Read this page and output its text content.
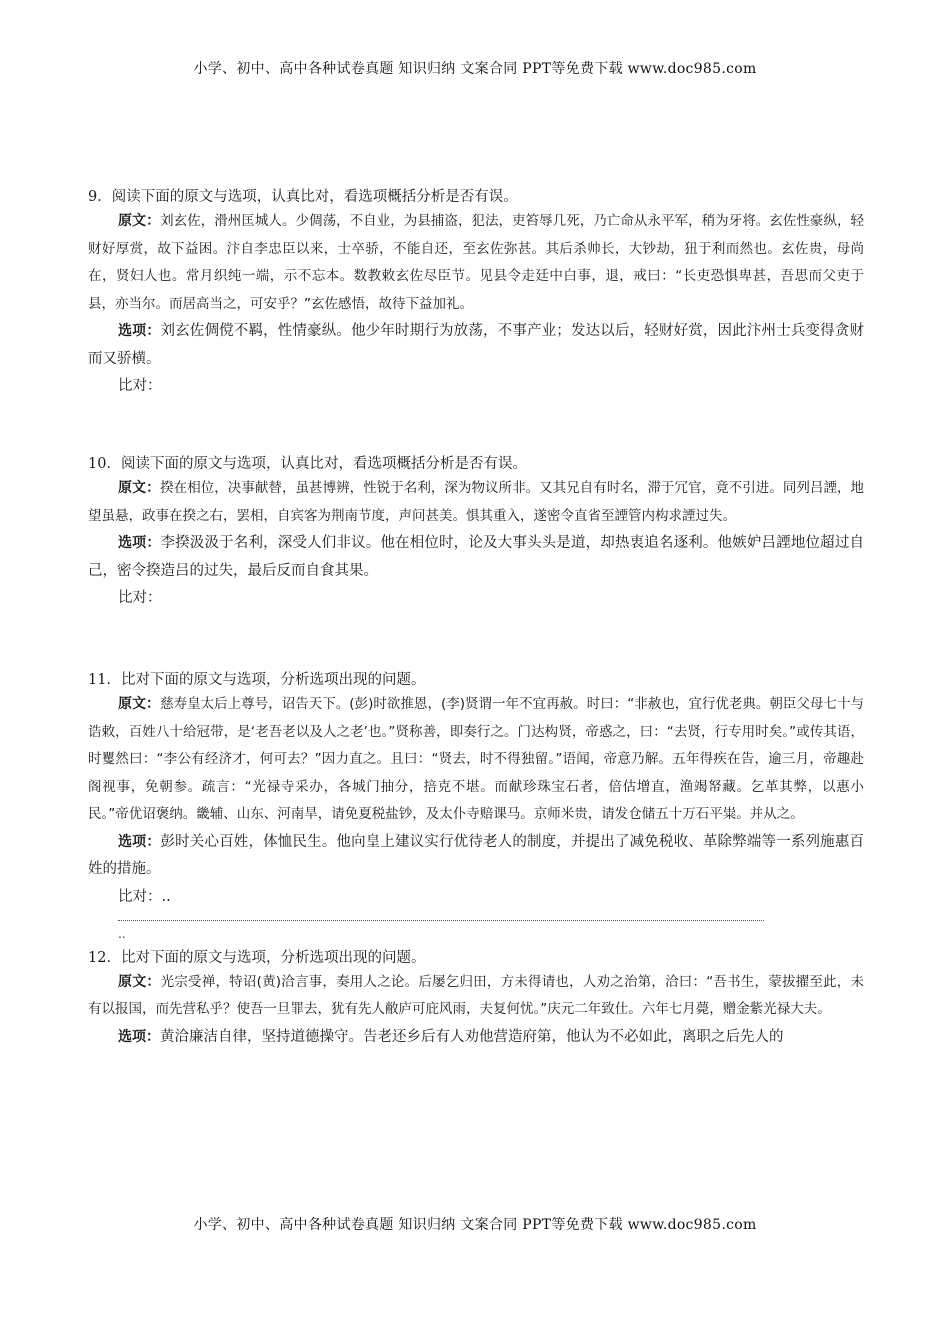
小学、初中、高中各种试卷真题 知识归纳 文案合同 PPT等免费下载 www.doc985.com

9．阅读下面的原文与选项，认真比对，看选项概括分析是否有误。

原文：刘玄佐，滑州匡城人。少倜荡，不自业，为县捕盗，犯法，吏笞辱几死，乃亡命从永平军，稍为牙将。玄佐性豪纵，轻财好厚赏，故下益困。汴自李忠臣以来，士卒骄，不能自还，至玄佐弥甚。其后杀帅长，大钞劫，狃于利而然也。玄佐贵，母尚在，贤妇人也。常月织纯一端，示不忘本。数教敕玄佐尽臣节。见县令走廷中白事，退，戒曰：“长吏恐惧卑甚，吾思而父吏于县，亦当尔。而居高当之，可安乎？”玄佐感悟，故待下益加礼。

选项：刘玄佐倜傥不羁，性情豪纵。他少年时期行为放荡，不事产业；发达以后，轻财好赏，因此汴州士兵变得贪财而又骄横。

比对：

10．阅读下面的原文与选项，认真比对，看选项概括分析是否有误。

原文：揆在相位，决事献替，虽甚博辨，性锐于名利，深为物议所非。又其兄自有时名，滞于冗官，竟不引进。同列吕諲，地望虽悬，政事在揆之右，罢相，自宾客为荆南节度，声问甚美。惧其重入，遂密令直省至諲管内构求諲过失。

选项：李揆汲汲于名利，深受人们非议。他在相位时，论及大事头头是道，却热衷追名逐利。他嫉妒吕諲地位超过自己，密令揆造吕的过失，最后反而自食其果。

比对：

11．比对下面的原文与选项，分析选项出现的问题。

原文：慈寿皇太后上尊号，诏告天下。(彭)时欲推恩，(李)贤谓一年不宜再赦。时曰：“非赦也，宜行优老典。朝臣父母七十与诰敕，百姓八十给冠带，是‘老吾老以及人之老’也。”贤称善，即奏行之。门达构贤，帝惑之，曰：“去贤，行专用时矣。”或传其语，时矍然曰：“李公有经济才，何可去？”因力直之。且曰：“贤去，时不得独留。”语闻，帝意乃解。五年得疾在告，逾三月，帝趣赴阁视事，免朝参。疏言：“光禄寺采办，各城门抽分，掊克不堪。而献珍珠宝石者，倍估增直，渔竭帑藏。乞革其弊，以惠小民。”帝优诏褒纳。畿辅、山东、河南旱，请免夏税盐钞，及太仆寺赔课马。京师米贵，请发仓储五十万石平粜。并从之。

选项：彭时关心百姓，体恤民生。他向皇上建议实行优待老人的制度，并提出了减免税收、革除弊端等一系列施惠百姓的措施。

比对：..

..

12．比对下面的原文与选项，分析选项出现的问题。

原文：光宗受禅，特诏(黄)洽言事，奏用人之论。后屡乞归田，方未得请也，人劝之治第，洽曰：“吾书生，蒙拔擢至此，未有以报国，而先营私乎？使吾一旦罪去，犹有先人敝庐可庇风雨，夫复何忧。”庆元二年致仕。六年七月薨，赠金紫光禄大夫。

选项：黄洽廉洁自律，坚持道德操守。告老还乡后有人劝他营造府第，他认为不必如此，离职之后先人的

小学、初中、高中各种试卷真题 知识归纳 文案合同 PPT等免费下载 www.doc985.com
